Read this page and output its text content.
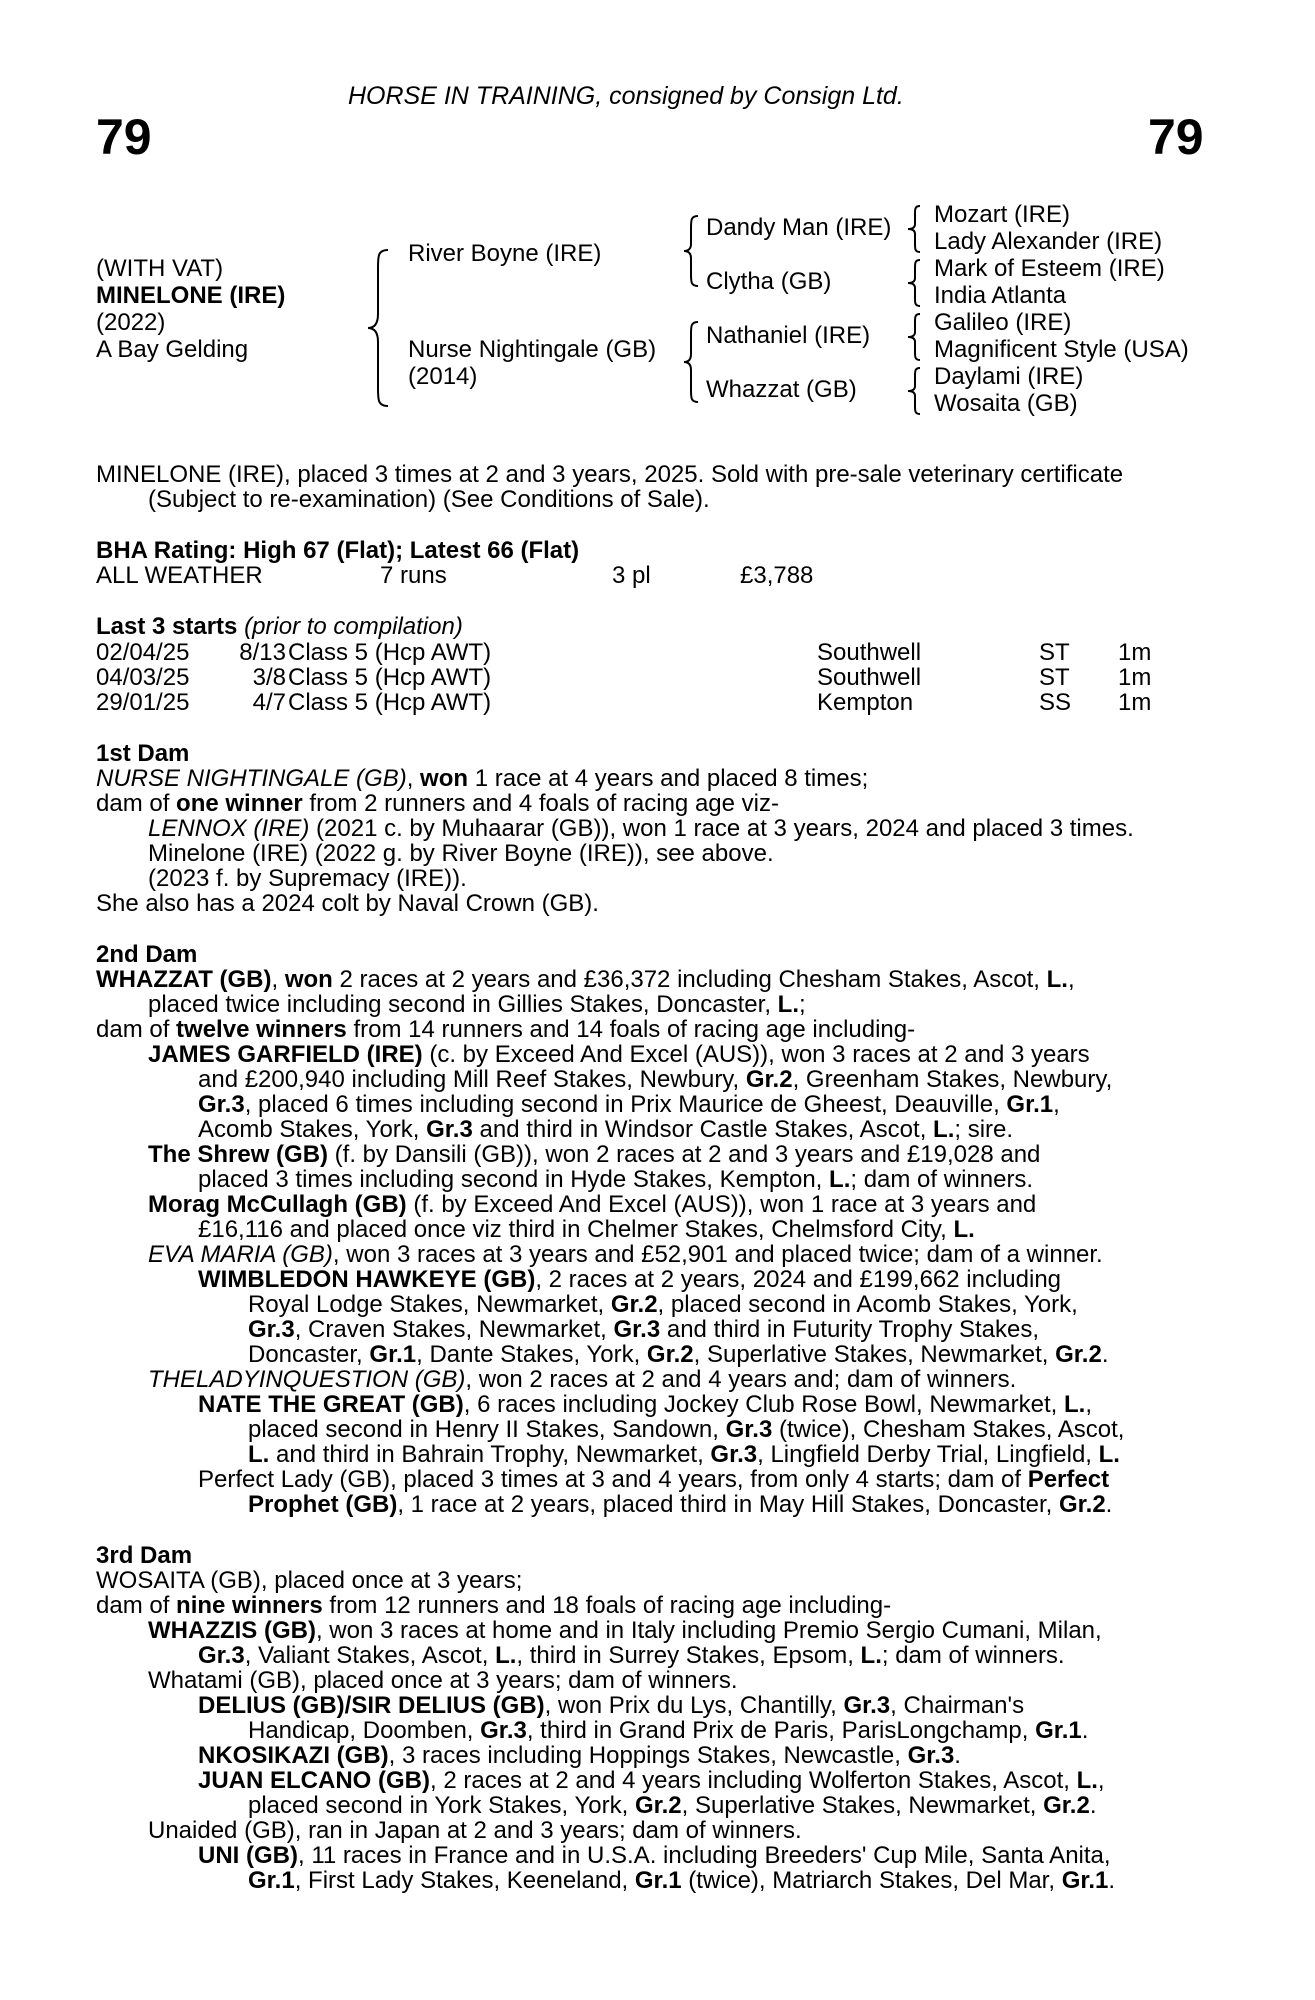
HORSE IN TRAINING, consigned by Consign Ltd.
79	79
(WITH VAT)
MINELONE (IRE)
(2022)
A Bay Gelding
River Boyne (IRE)
Nurse Nightingale (GB)
(2014)
Dandy Man (IRE)
Clytha (GB)
Nathaniel (IRE)
Whazzat (GB)
Mozart (IRE)
Lady Alexander (IRE)
Mark of Esteem (IRE)
India Atlanta
Galileo (IRE)
Magnificent Style (USA)
Daylami (IRE)
Wosaita (GB)
MINELONE (IRE), placed 3 times at 2 and 3 years, 2025. Sold with pre-sale veterinary certificate
(Subject to re-examination) (See Conditions of Sale).
BHA Rating: High 67 (Flat); Latest 66 (Flat)
ALL WEATHER	7 runs	3 pl	£3,788
Last 3 starts (prior to compilation)
02/04/25	8/13 Class 5 (Hcp AWT)	Southwell	ST 1m
04/03/25	3/8 Class 5 (Hcp AWT)	Southwell	ST 1m
29/01/25	4/7 Class 5 (Hcp AWT)	Kempton	SS 1m
1st Dam
NURSE NIGHTINGALE (GB), won 1 race at 4 years and placed 8 times;
dam of one winner from 2 runners and 4 foals of racing age viz-
LENNOX (IRE) (2021 c. by Muhaarar (GB)), won 1 race at 3 years, 2024 and placed 3 times.
Minelone (IRE) (2022 g. by River Boyne (IRE)), see above.
(2023 f. by Supremacy (IRE)).
She also has a 2024 colt by Naval Crown (GB).
2nd Dam
WHAZZAT (GB), won 2 races at 2 years and £36,372 including Chesham Stakes, Ascot, L.,
placed twice including second in Gillies Stakes, Doncaster, L.;
dam of twelve winners from 14 runners and 14 foals of racing age including-
JAMES GARFIELD (IRE) (c. by Exceed And Excel (AUS)), won 3 races at 2 and 3 years
and £200,940 including Mill Reef Stakes, Newbury, Gr.2, Greenham Stakes, Newbury,
Gr.3, placed 6 times including second in Prix Maurice de Gheest, Deauville, Gr.1,
Acomb Stakes, York, Gr.3 and third in Windsor Castle Stakes, Ascot, L.; sire.
The Shrew (GB) (f. by Dansili (GB)), won 2 races at 2 and 3 years and £19,028 and
placed 3 times including second in Hyde Stakes, Kempton, L.; dam of winners.
Morag McCullagh (GB) (f. by Exceed And Excel (AUS)), won 1 race at 3 years and
£16,116 and placed once viz third in Chelmer Stakes, Chelmsford City, L.
EVA MARIA (GB), won 3 races at 3 years and £52,901 and placed twice; dam of a winner.
WIMBLEDON HAWKEYE (GB), 2 races at 2 years, 2024 and £199,662 including
Royal Lodge Stakes, Newmarket, Gr.2, placed second in Acomb Stakes, York,
Gr.3, Craven Stakes, Newmarket, Gr.3 and third in Futurity Trophy Stakes,
Doncaster, Gr.1, Dante Stakes, York, Gr.2, Superlative Stakes, Newmarket, Gr.2.
THELADYINQUESTION (GB), won 2 races at 2 and 4 years and; dam of winners.
NATE THE GREAT (GB), 6 races including Jockey Club Rose Bowl, Newmarket, L.,
placed second in Henry II Stakes, Sandown, Gr.3 (twice), Chesham Stakes, Ascot,
L. and third in Bahrain Trophy, Newmarket, Gr.3, Lingfield Derby Trial, Lingfield, L.
Perfect Lady (GB), placed 3 times at 3 and 4 years, from only 4 starts; dam of Perfect
Prophet (GB), 1 race at 2 years, placed third in May Hill Stakes, Doncaster, Gr.2.
3rd Dam
WOSAITA (GB), placed once at 3 years;
dam of nine winners from 12 runners and 18 foals of racing age including-
WHAZZIS (GB), won 3 races at home and in Italy including Premio Sergio Cumani, Milan,
Gr.3, Valiant Stakes, Ascot, L., third in Surrey Stakes, Epsom, L.; dam of winners.
Whatami (GB), placed once at 3 years; dam of winners.
DELIUS (GB)/SIR DELIUS (GB), won Prix du Lys, Chantilly, Gr.3, Chairman's
Handicap, Doomben, Gr.3, third in Grand Prix de Paris, ParisLongchamp, Gr.1.
NKOSIKAZI (GB), 3 races including Hoppings Stakes, Newcastle, Gr.3.
JUAN ELCANO (GB), 2 races at 2 and 4 years including Wolferton Stakes, Ascot, L.,
placed second in York Stakes, York, Gr.2, Superlative Stakes, Newmarket, Gr.2.
Unaided (GB), ran in Japan at 2 and 3 years; dam of winners.
UNI (GB), 11 races in France and in U.S.A. including Breeders' Cup Mile, Santa Anita,
Gr.1, First Lady Stakes, Keeneland, Gr.1 (twice), Matriarch Stakes, Del Mar, Gr.1.
